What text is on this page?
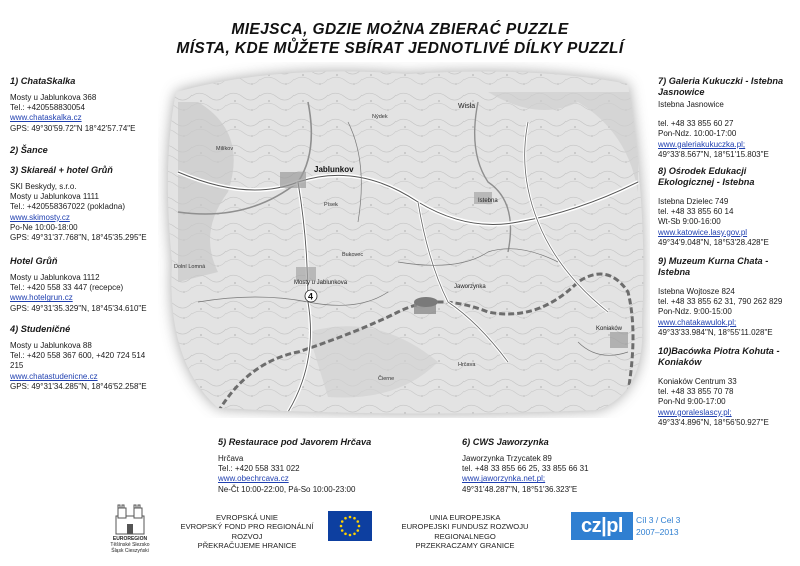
MIEJSCA, GDZIE MOŻNA ZBIERAĆ PUZZLE
MÍSTA, KDE MŮŽETE SBÍRAT JEDNOTLIVÉ DÍLKY PUZZLÍ
Wisła
Jablunkov
Milíkov
Nýdek
Písek
Istebna
Bukovec
Dolní Lomná
Mosty u Jablunkova
Jaworzynka
Hrčava
Čierne
Koniaków
4
1) ChataSkalka
Mosty u Jablunkova 368
Tel.: +420558830054
www.chataskalka.cz
GPS: 49°30'59.72"N 18°42'57.74"E
2) Šance
3) Skiareál + hotel Grůň
SKI Beskydy, s.r.o.
Mosty u Jablunkova 1111
Tel.: +420558367022 (pokladna)
www.skimosty.cz
Po-Ne 10:00-18:00
GPS: 49°31'37.768"N, 18°45'35.295"E
Hotel Grůň
Mosty u Jablunkova 1112
Tel.: +420 558 33 447 (recepce)
www.hotelgrun.cz
GPS: 49°31'35.329"N, 18°45'34.610"E
4) Studeničné
Mosty u Jablunkova 88
Tel.: +420 558 367 600, +420 724 514 215
www.chatastudenicne.cz
GPS: 49°31'34.285"N, 18°46'52.258"E
5) Restaurace pod Javorem Hrčava
Hrčava
Tel.: +420 558 331 022
www.obechrcava.cz
Ne-Čt 10:00-22:00, Pá-So 10:00-23:00
6) CWS Jaworzynka
Jaworzynka Trzycatek 89
tel. +48 33 855 66 25, 33 855 66 31
www.jaworzynka.net.pl;
49°31'48.287"N, 18°51'36.323"E
7) Galeria Kukuczki - Istebna Jasnowice
Istebna Jasnowice
tel. +48 33 855 60 27
Pon-Ndz. 10:00-17:00
www.galeriakukuczka.pl;
49°33'8.567"N, 18°51'15.803"E
8) Ośrodek Edukacji Ekologicznej - Istebna
Istebna Dzielec 749
tel. +48 33 855 60 14
Wt-Sb 9:00-16:00
www.katowice.lasy.gov.pl
49°34'9.048"N, 18°53'28.428"E
9) Muzeum Kurna Chata - Istebna
Istebna Wojtosze 824
tel. +48 33 855 62 31, 790 262 829
Pon-Ndz. 9:00-15:00
www.chatakawulok.pl;
49°33'33.984"N, 18°55'11.028"E
10)Bacówka Piotra Kohuta - Koniaków
Koniaków Centrum 33
tel. +48 33 855 70 78
Pon-Nd 9:00-17:00
www.goraleslascy.pl;
49°33'4.896"N, 18°56'50.927"E
EUROREGION
Těšínské Slezsko
Śląsk Cieszyński
EVROPSKÁ UNIE
EVROPSKÝ FOND PRO REGIONÁLNÍ ROZVOJ
PŘEKRAČUJEME HRANICE
UNIA EUROPEJSKA
EUROPEJSKI FUNDUSZ ROZWOJU REGIONALNEGO
PRZEKRACZAMY GRANICE
cz|pl	Cíl 3 / Cel 3
2007–2013
